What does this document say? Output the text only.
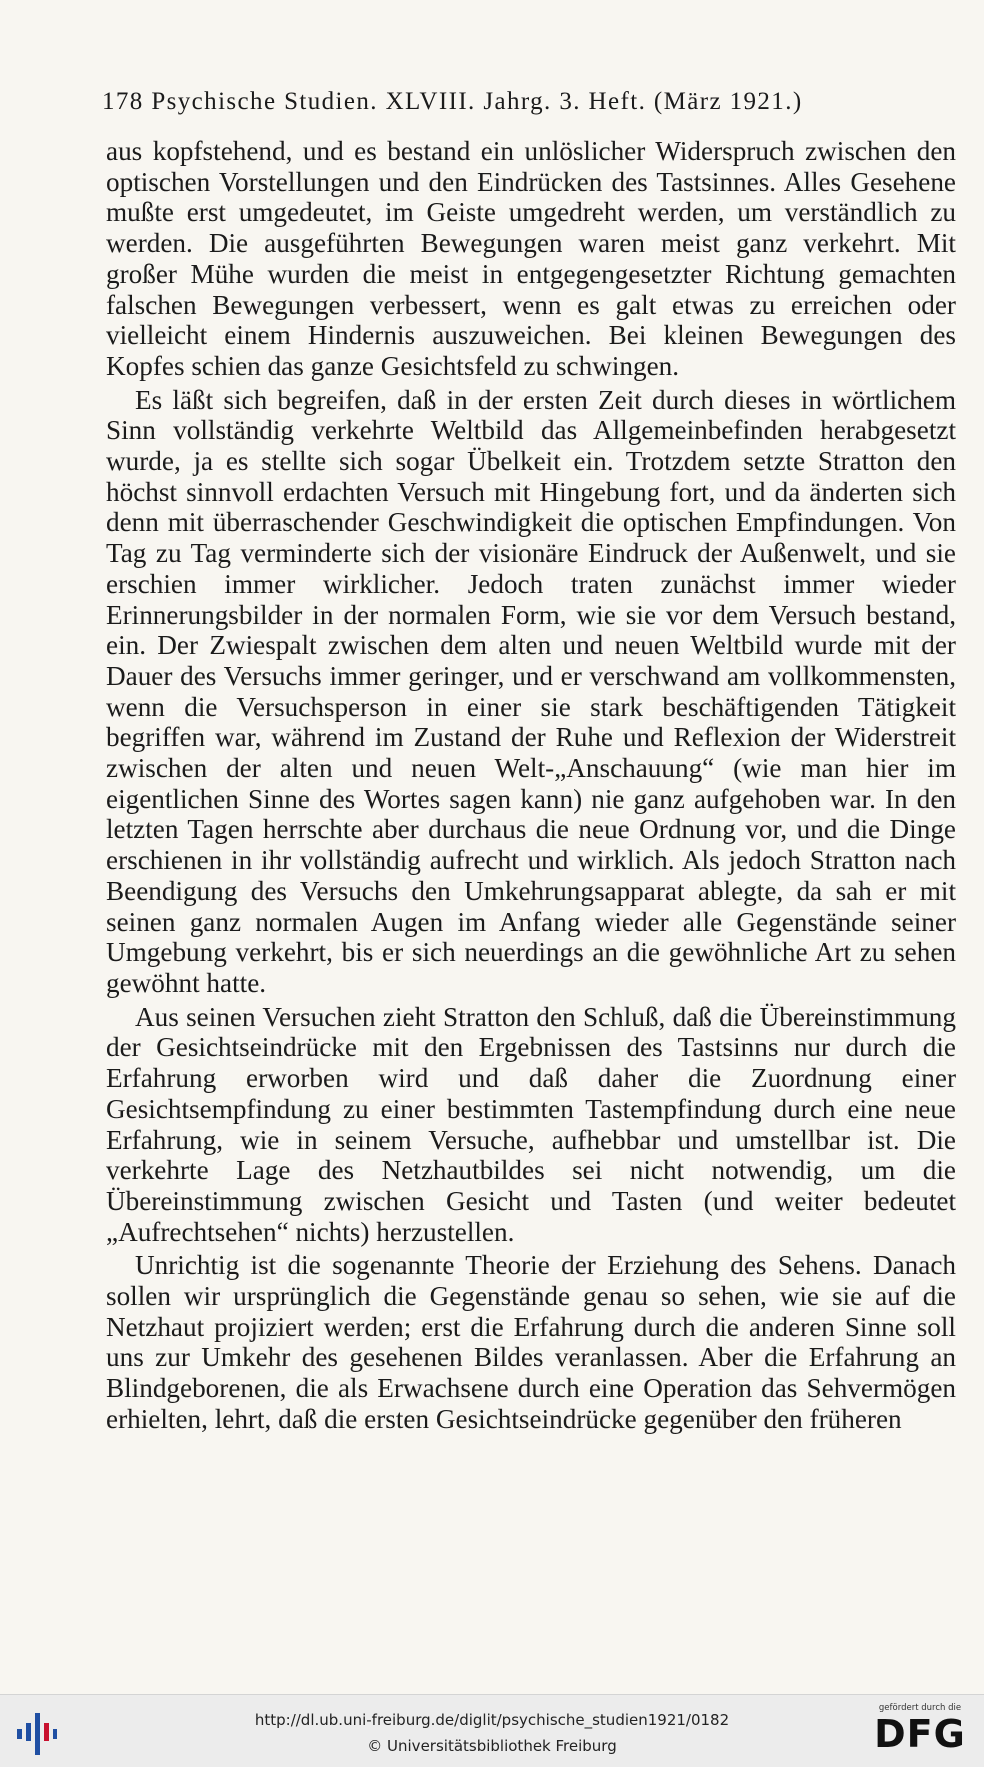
178 Psychische Studien. XLVIII. Jahrg. 3. Heft. (März 1921.)

aus kopfstehend, und es bestand ein unlöslicher Widerspruch zwischen den optischen Vorstellungen und den Eindrücken des Tastsinnes. Alles Gesehene mußte erst umgedeutet, im Geiste umgedreht werden, um verständlich zu werden. Die ausgeführten Bewegungen waren meist ganz verkehrt. Mit großer Mühe wurden die meist in entgegengesetzter Richtung gemachten falschen Bewegungen verbessert, wenn es galt etwas zu erreichen oder vielleicht einem Hindernis auszuweichen. Bei kleinen Bewegungen des Kopfes schien das ganze Gesichtsfeld zu schwingen.

Es läßt sich begreifen, daß in der ersten Zeit durch dieses in wörtlichem Sinn vollständig verkehrte Weltbild das Allgemeinbefinden herabgesetzt wurde, ja es stellte sich sogar Übelkeit ein. Trotzdem setzte Stratton den höchst sinnvoll erdachten Versuch mit Hingebung fort, und da änderten sich denn mit überraschender Geschwindigkeit die optischen Empfindungen. Von Tag zu Tag verminderte sich der visionäre Eindruck der Außenwelt, und sie erschien immer wirklicher. Jedoch traten zunächst immer wieder Erinnerungsbilder in der normalen Form, wie sie vor dem Versuch bestand, ein. Der Zwiespalt zwischen dem alten und neuen Weltbild wurde mit der Dauer des Versuchs immer geringer, und er verschwand am vollkommensten, wenn die Versuchsperson in einer sie stark beschäftigenden Tätigkeit begriffen war, während im Zustand der Ruhe und Reflexion der Widerstreit zwischen der alten und neuen Welt-„Anschauung“ (wie man hier im eigentlichen Sinne des Wortes sagen kann) nie ganz aufgehoben war. In den letzten Tagen herrschte aber durchaus die neue Ordnung vor, und die Dinge erschienen in ihr vollständig aufrecht und wirklich. Als jedoch Stratton nach Beendigung des Versuchs den Umkehrungsapparat ablegte, da sah er mit seinen ganz normalen Augen im Anfang wieder alle Gegenstände seiner Umgebung verkehrt, bis er sich neuerdings an die gewöhnliche Art zu sehen gewöhnt hatte.

Aus seinen Versuchen zieht Stratton den Schluß, daß die Übereinstimmung der Gesichtseindrücke mit den Ergebnissen des Tastsinns nur durch die Erfahrung erworben wird und daß daher die Zuordnung einer Gesichtsempfindung zu einer bestimmten Tastempfindung durch eine neue Erfahrung, wie in seinem Versuche, aufhebbar und umstellbar ist. Die verkehrte Lage des Netzhautbildes sei nicht notwendig, um die Übereinstimmung zwischen Gesicht und Tasten (und weiter bedeutet „Aufrechtsehen“ nichts) herzustellen.

Unrichtig ist die sogenannte Theorie der Erziehung des Sehens. Danach sollen wir ursprünglich die Gegenstände genau so sehen, wie sie auf die Netzhaut projiziert werden; erst die Erfahrung durch die anderen Sinne soll uns zur Umkehr des gesehenen Bildes veranlassen. Aber die Erfahrung an Blindgeborenen, die als Erwachsene durch eine Operation das Sehvermögen erhielten, lehrt, daß die ersten Gesichtseindrücke gegenüber den früheren

http://dl.ub.uni-freiburg.de/diglit/psychische_studien1921/0182
© Universitätsbibliothek Freiburg
gefördert durch die
DFG
